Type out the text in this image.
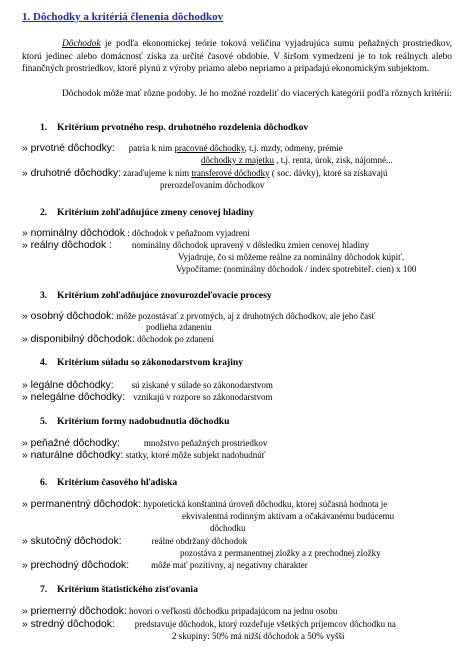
1. Dôchodky a kritériá členenia dôchodkov
Dôchodok je podľa ekonomickej teórie toková veličina vyjadrujúca sumu peňažných prostriedkov, ktorú jedinec alebo domácnosť získa za určité časové obdobie. V širšom vymedzení je to tok reálnych alebo finančných prostriedkov, ktoré plynú z výroby priamo alebo nepriamo a pripadajú ekonomickým subjektom.
Dôchodok môže mať rôzne podoby. Je ho možné rozdeliť do viacerých kategórií podľa rôznych kritérií:
1. Kritérium prvotného resp. druhotného rozdelenia dôchodkov
» prvotné dôchodky: patria k nim pracovné dôchodky, t.j. mzdy, odmeny, prémie
dôchodky z majetku , t.j. renta, úrok, zisk, nájomné...
» druhotné dôchodky: zaraďujeme k nim transferové dôchodky ( soc. dávky), ktoré sa získavajú
prerozdeľovaním dôchodkov
2. Kritérium zohľadňujúce zmeny cenovej hladiny
» nominálny dôchodok : dôchodok v peňažnom vyjadrení
» reálny dôchodok : nominálny dôchodok upravený v dôsledku zmien cenovej hladiny
Vyjadruje, čo si môžeme reálne za nominálny dôchodok kúpiť.
Vypočítame: (nominálny dôchodok / index spotrebiteľ. cien) x 100
3. Kritérium zohľadňujúce znovurozdeľovacie procesy
» osobný dôchodok: môže pozostávať z prvotných, aj z druhotných dôchodkov, ale jeho časť
podlieha zdaneniu
» disponibilný dôchodok: dôchodok po zdanení
4. Kritérium súladu so zákonodarstvom krajiny
» legálne dôchodky: sú získané v súlade so zákonodarstvom
» nelegálne dôchodky: vznikajú v rozpore so zákonodarstvom
5. Kritérium formy nadobudnutia dôchodku
» peňažné dôchodky:	množstvo peňažných prostriedkov
» naturálne dôchodky: statky, ktoré môže subjekt nadobudnúť
6. Kritérium časového hľadiska
» permanentný dôchodok: hypotetická konštantná úroveň dôchodku, ktorej súčasná hodnota je
ekvivalentná rodinným aktívam a očakávanému budúcemu
dôchodku
» skutočný dôchodok:	reálne obdržaný dôchodok
pozostáva z permanentnej zložky a z prechodnej zložky
» prechodný dôchodok: môže mať pozitívny, aj negatívny charakter
7. Kritérium štatistického zisťovania
» priemerný dôchodok: hovorí o veľkosti dôchodku pripadajúcom na jednu osobu
» stredný dôchodok: predstavuje dôchodok, ktorý rozdeľuje všetkých príjemcov dôchodku na
2 skupiny: 50% má nižší dôchodok a 50% vyšší
